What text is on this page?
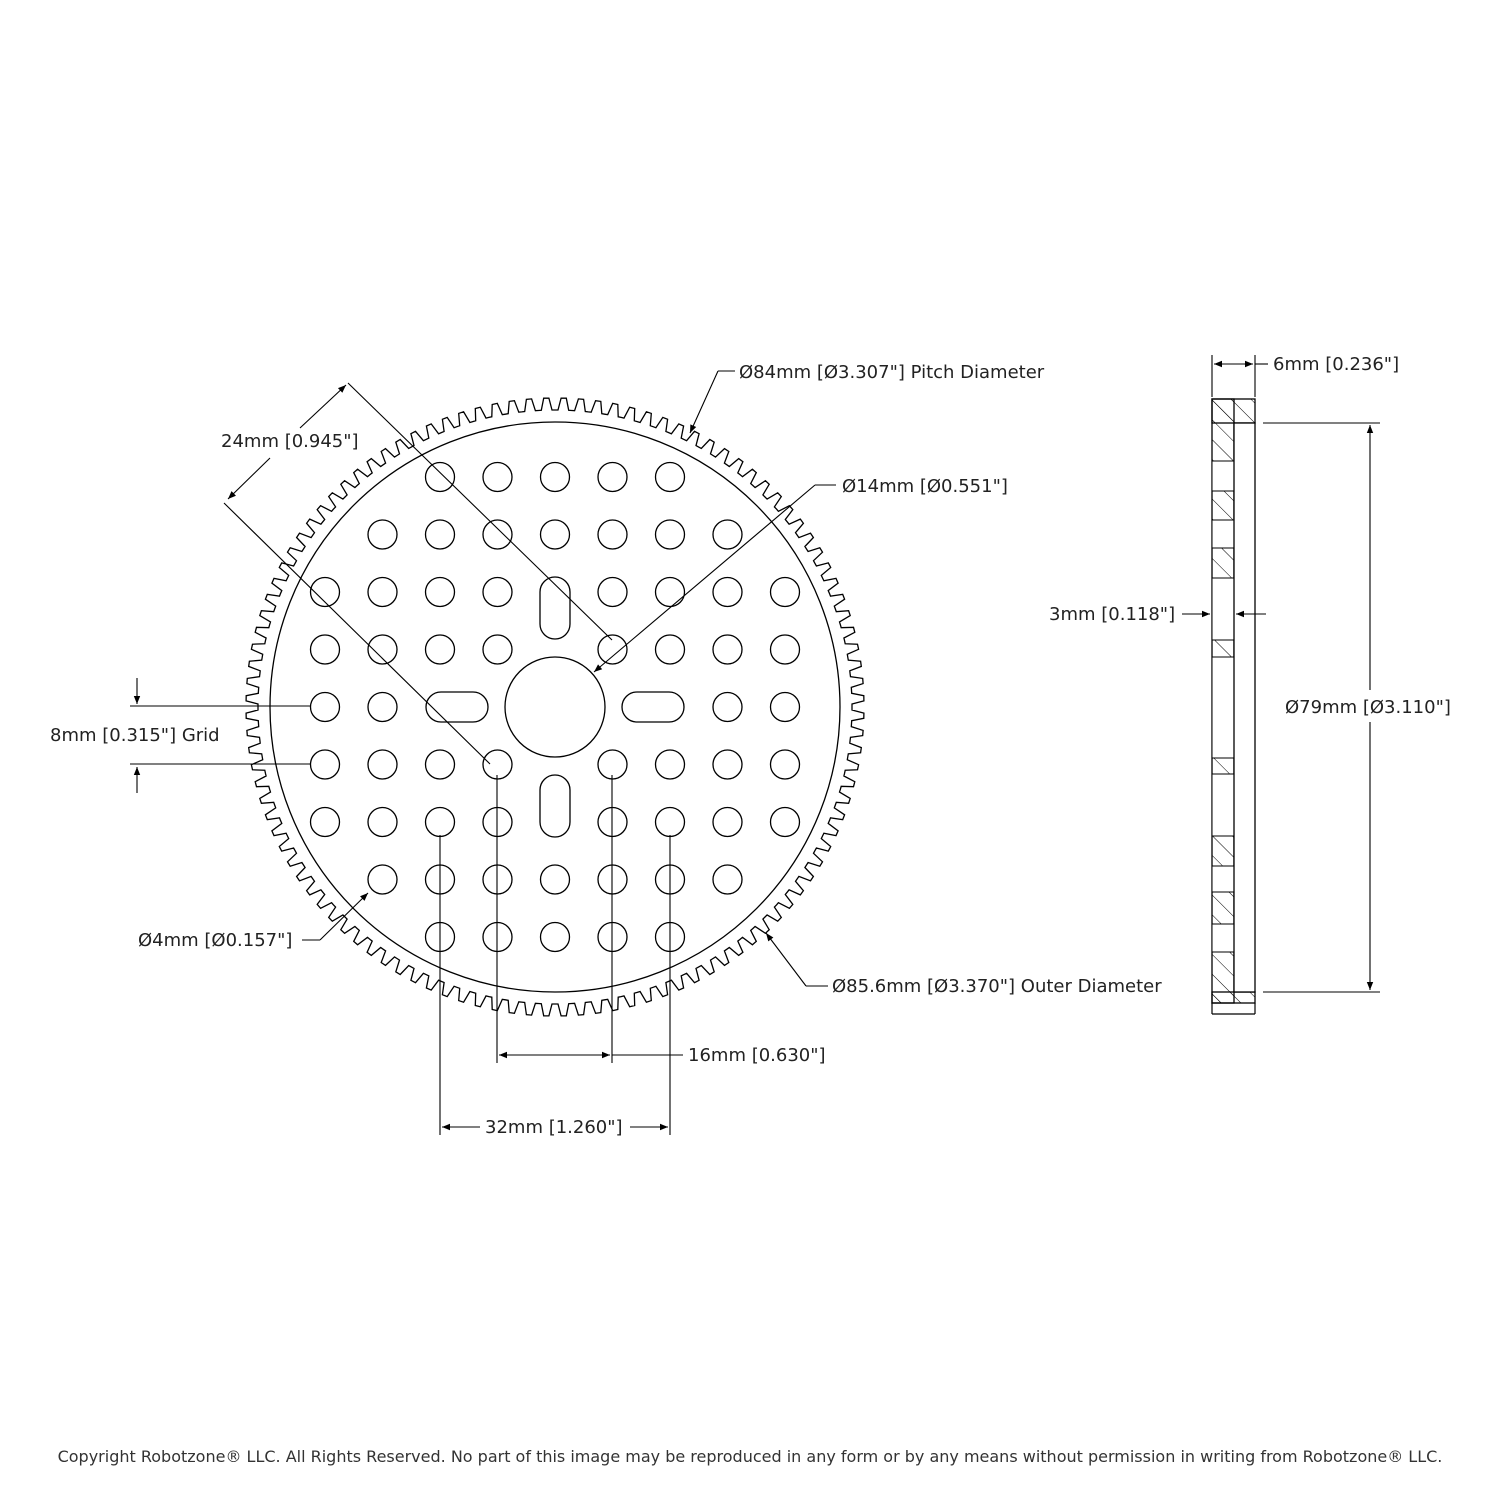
Ø84mm [Ø3.307"] Pitch Diameter
Ø14mm [Ø0.551"]
24mm [0.945"]
8mm [0.315"] Grid
Ø4mm [Ø0.157"]
Ø85.6mm [Ø3.370"] Outer Diameter
16mm [0.630"]
32mm [1.260"]
6mm [0.236"]
3mm [0.118"]
Ø79mm [Ø3.110"]
Copyright Robotzone® LLC. All Rights Reserved. No part of this image may be reproduced in any form or by any means without permission in writing from Robotzone® LLC.
